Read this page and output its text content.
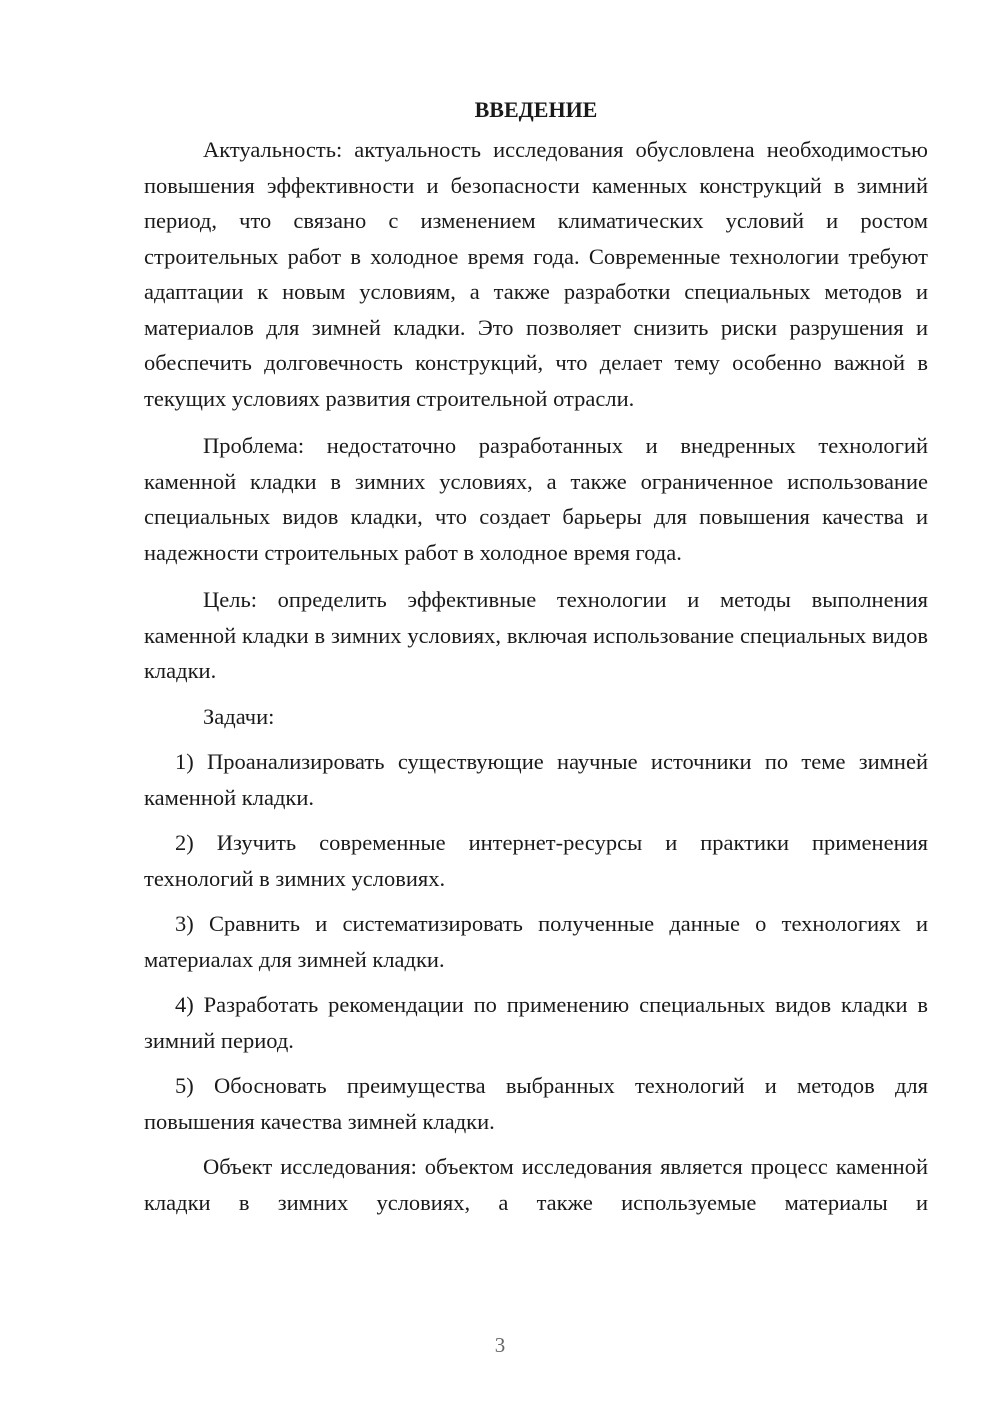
ВВЕДЕНИЕ

Актуальность: актуальность исследования обусловлена необходимостью повышения эффективности и безопасности каменных конструкций в зимний период, что связано с изменением климатических условий и ростом строительных работ в холодное время года. Современные технологии требуют адаптации к новым условиям, а также разработки специальных методов и материалов для зимней кладки. Это позволяет снизить риски разрушения и обеспечить долговечность конструкций, что делает тему особенно важной в текущих условиях развития строительной отрасли.

Проблема: недостаточно разработанных и внедренных технологий каменной кладки в зимних условиях, а также ограниченное использование специальных видов кладки, что создает барьеры для повышения качества и надежности строительных работ в холодное время года.

Цель: определить эффективные технологии и методы выполнения каменной кладки в зимних условиях, включая использование специальных видов кладки.

Задачи:

1) Проанализировать существующие научные источники по теме зимней каменной кладки.

2) Изучить современные интернет-ресурсы и практики применения технологий в зимних условиях.

3) Сравнить и систематизировать полученные данные о технологиях и материалах для зимней кладки.

4) Разработать рекомендации по применению специальных видов кладки в зимний период.

5) Обосновать преимущества выбранных технологий и методов для повышения качества зимней кладки.

Объект исследования: объектом исследования является процесс каменной кладки в зимних условиях, а также используемые материалы и

3
